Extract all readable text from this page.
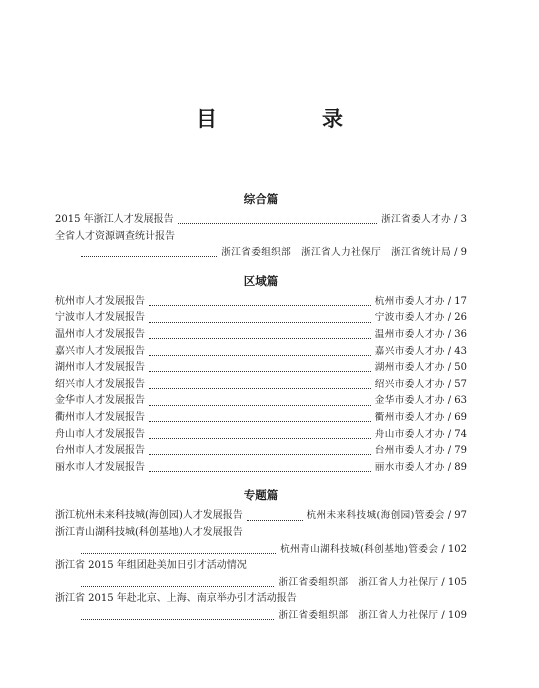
目　录
综合篇
2015 年浙江人才发展报告	浙江省委人才办 / 3
全省人才资源调查统计报告
浙江省委组织部　浙江省人力社保厅　浙江省统计局 / 9
区域篇
杭州市人才发展报告	杭州市委人才办 / 17
宁波市人才发展报告	宁波市委人才办 / 26
温州市人才发展报告	温州市委人才办 / 36
嘉兴市人才发展报告	嘉兴市委人才办 / 43
湖州市人才发展报告	湖州市委人才办 / 50
绍兴市人才发展报告	绍兴市委人才办 / 57
金华市人才发展报告	金华市委人才办 / 63
衢州市人才发展报告	衢州市委人才办 / 69
舟山市人才发展报告	舟山市委人才办 / 74
台州市人才发展报告	台州市委人才办 / 79
丽水市人才发展报告	丽水市委人才办 / 89
专题篇
浙江杭州未来科技城(海创园)人才发展报告	杭州未来科技城(海创园)管委会 / 97
浙江青山湖科技城(科创基地)人才发展报告
杭州青山湖科技城(科创基地)管委会 / 102
浙江省 2015 年组团赴美加日引才活动情况
浙江省委组织部　浙江省人力社保厅 / 105
浙江省 2015 年赴北京、上海、南京举办引才活动报告
浙江省委组织部　浙江省人力社保厅 / 109
